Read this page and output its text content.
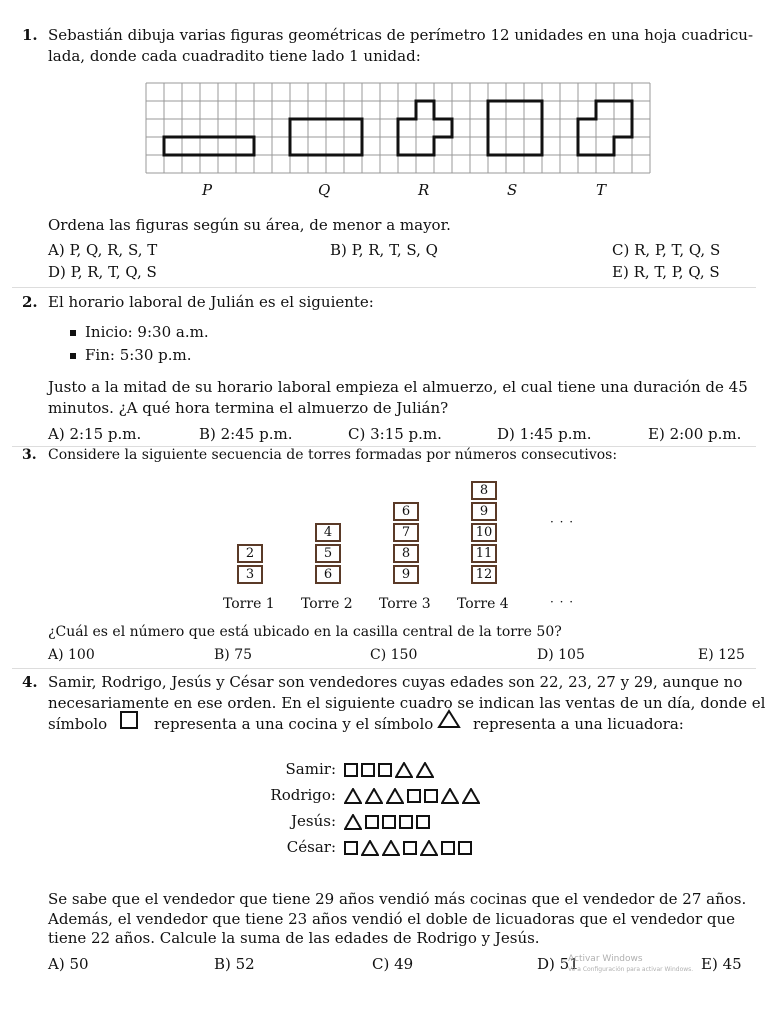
1. Sebastián dibuja varias figuras geométricas de perímetro 12 unidades en una hoja cuadricu-
lada, donde cada cuadradito tiene lado 1 unidad:
P	Q	R	S	T
Ordena las figuras según su área, de menor a mayor.
A) P, Q, R, S, T	B) P, R, T, S, Q	C) R, P, T, Q, S
D) P, R, T, Q, S	E) R, T, P, Q, S
2. El horario laboral de Julián es el siguiente:
Inicio: 9:30 a.m.
Fin: 5:30 p.m.
Justo a la mitad de su horario laboral empieza el almuerzo, el cual tiene una duración de 45
minutos. ¿A qué hora termina el almuerzo de Julián?
A) 2:15 p.m.	B) 2:45 p.m.	C) 3:15 p.m.	D) 1:45 p.m.	E) 2:00 p.m.
3. Considere la siguiente secuencia de torres formadas por números consecutivos:
2
3
Torre 1
4
5
6
Torre 2
6
7
8
9
Torre 3
8
9
10
11
12
Torre 4
· · ·
· · ·
¿Cuál es el número que está ubicado en la casilla central de la torre 50?
A) 100	B) 75	C) 150	D) 105	E) 125
4. Samir, Rodrigo, Jesús y César son vendedores cuyas edades son 22, 23, 27 y 29, aunque no
necesariamente en ese orden. En el siguiente cuadro se indican las ventas de un día, donde el
símbolo	representa a una cocina y el símbolo	representa a una licuadora:
Samir:
Rodrigo:
Jesús:
César:
Se sabe que el vendedor que tiene 29 años vendió más cocinas que el vendedor de 27 años.
Además, el vendedor que tiene 23 años vendió el doble de licuadoras que el vendedor que
tiene 22 años. Calcule la suma de las edades de Rodrigo y Jesús.
A) 50	B) 52	C) 49	D) 51	E) 45
Activar Windows
Ve a Configuración para activar Windows.
